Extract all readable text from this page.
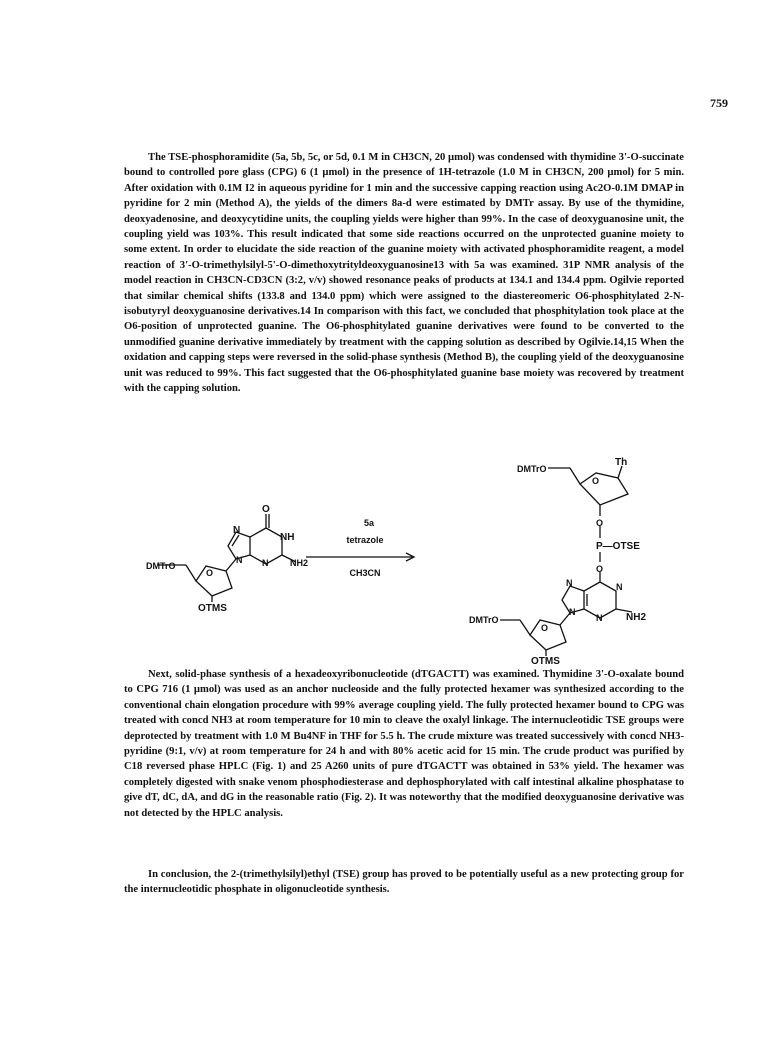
759

The TSE-phosphoramidite (5a, 5b, 5c, or 5d, 0.1 M in CH3CN, 20 µmol) was condensed with thymidine 3'-O-succinate bound to controlled pore glass (CPG) 6 (1 µmol) in the presence of 1H-tetrazole (1.0 M in CH3CN, 200 µmol) for 5 min. After oxidation with 0.1M I2 in aqueous pyridine for 1 min and the successive capping reaction using Ac2O-0.1M DMAP in pyridine for 2 min (Method A), the yields of the dimers 8a-d were estimated by DMTr assay. By use of the thymidine, deoxyadenosine, and deoxycytidine units, the coupling yields were higher than 99%. In the case of deoxyguanosine unit, the coupling yield was 103%. This result indicated that some side reactions occurred on the unprotected guanine moiety to some extent. In order to elucidate the side reaction of the guanine moiety with activated phosphoramidite reagent, a model reaction of 3'-O-trimethylsilyl-5'-O-dimethoxytrityldeoxyguanosine13 with 5a was examined. 31P NMR analysis of the model reaction in CH3CN-CD3CN (3:2, v/v) showed resonance peaks of products at 134.1 and 134.4 ppm. Ogilvie reported that similar chemical shifts (133.8 and 134.0 ppm) which were assigned to the diastereomeric O6-phosphitylated 2-N-isobutyryl deoxyguanosine derivatives.14 In comparison with this fact, we concluded that phosphitylation took place at the O6-position of unprotected guanine. The O6-phosphitylated guanine derivatives were found to be converted to the unmodified guanine derivative immediately by treatment with the capping solution as described by Ogilvie.14,15 When the oxidation and capping steps were reversed in the solid-phase synthesis (Method B), the coupling yield of the deoxyguanosine unit was reduced to 99%. This fact suggested that the O6-phosphitylated guanine base moiety was recovered by treatment with the capping solution.

O
N
NH
N N NH2
DMTrO
O
OTMS
5a
tetrazole
CH3CN
DMTrO
O
Th
O
P—OTSE
O
N	N
N
N NH2
DMTrO
O
OTMS

Next, solid-phase synthesis of a hexadeoxyribonucleotide (dTGACTT) was examined. Thymidine 3'-O-oxalate bound to CPG 716 (1 µmol) was used as an anchor nucleoside and the fully protected hexamer was synthesized according to the conventional chain elongation procedure with 99% average coupling yield. The fully protected hexamer bound to CPG was treated with concd NH3 at room temperature for 10 min to cleave the oxalyl linkage. The internucleotidic TSE groups were deprotected by treatment with 1.0 M Bu4NF in THF for 5.5 h. The crude mixture was treated successively with concd NH3-pyridine (9:1, v/v) at room temperature for 24 h and with 80% acetic acid for 15 min. The crude product was purified by C18 reversed phase HPLC (Fig. 1) and 25 A260 units of pure dTGACTT was obtained in 53% yield. The hexamer was completely digested with snake venom phosphodiesterase and dephosphorylated with calf intestinal alkaline phosphatase to give dT, dC, dA, and dG in the reasonable ratio (Fig. 2). It was noteworthy that the modified deoxyguanosine derivative was not detected by the HPLC analysis.

In conclusion, the 2-(trimethylsilyl)ethyl (TSE) group has proved to be potentially useful as a new protecting group for the internucleotidic phosphate in oligonucleotide synthesis.
